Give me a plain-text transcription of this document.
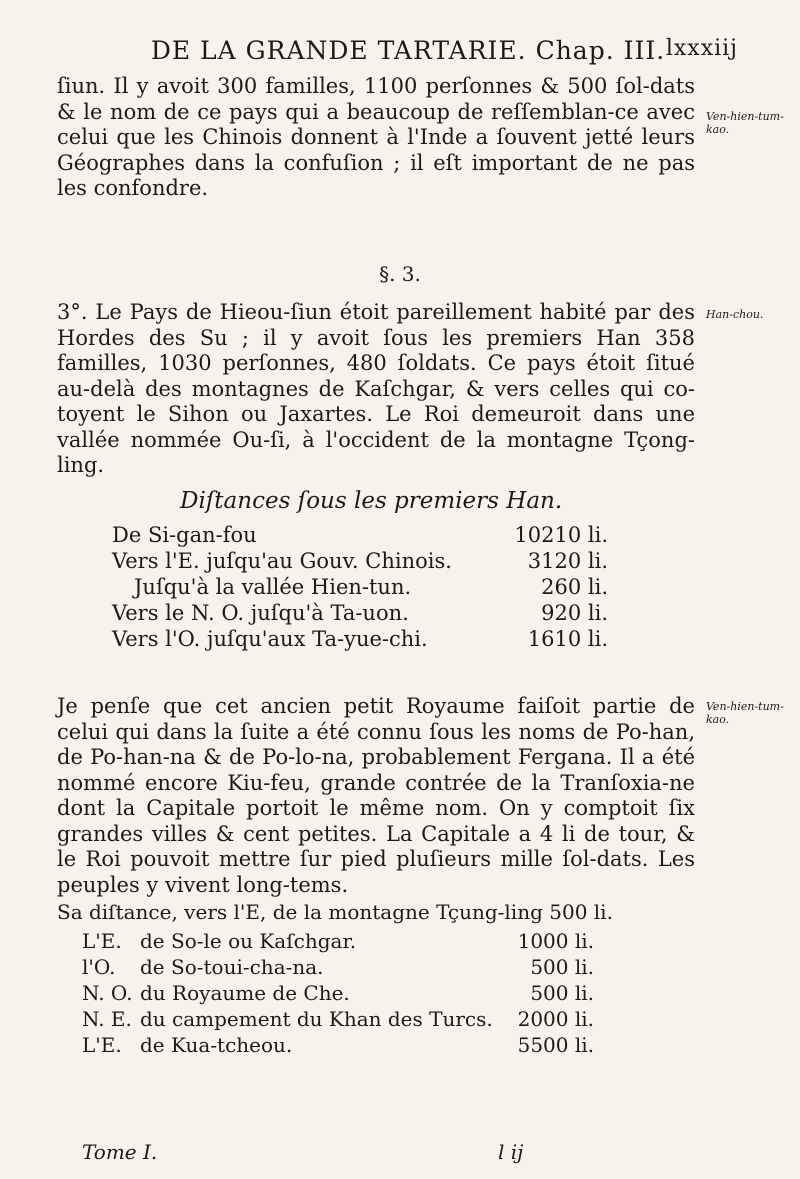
DE LA GRANDE TARTARIE. Chap. III. lxxxiij

ſiun. Il y avoit 300 familles, 1100 perſonnes & 500 ſol-dats & le nom de ce pays qui a beaucoup de reſſemblan-ce avec celui que les Chinois donnent à l'Inde a ſouvent jetté leurs Géographes dans la confuſion ; il eſt important de ne pas les confondre.

Ven-hien-tum-kao.
§. 3.

3°. Le Pays de Hieou-ſiun étoit pareillement habité par des Hordes des Su ; il y avoit ſous les premiers Han 358 familles, 1030 perſonnes, 480 ſoldats. Ce pays étoit ſitué au-delà des montagnes de Kaſchgar, & vers celles qui co-toyent le Sihon ou Jaxartes. Le Roi demeuroit dans une vallée nommée Ou-ſi, à l'occident de la montagne Tçong-ling.

Han-chou.
Diſtances ſous les premiers Han.
De Si-gan-fou	10210 li.
Vers l'E. juſqu'au Gouv. Chinois.	3120 li.
Juſqu'à la vallée Hien-tun.	260 li.
Vers le N. O. juſqu'à Ta-uon.	920 li.
Vers l'O. juſqu'aux Ta-yue-chi.	1610 li.

Je penſe que cet ancien petit Royaume faiſoit partie de celui qui dans la ſuite a été connu ſous les noms de Po-han, de Po-han-na & de Po-lo-na, probablement Fergana. Il a été nommé encore Kiu-feu, grande contrée de la Tranſoxia-ne dont la Capitale portoit le même nom. On y comptoit ſix grandes villes & cent petites. La Capitale a 4 li de tour, & le Roi pouvoit mettre ſur pied pluſieurs mille ſol-dats. Les peuples y vivent long-tems.

Ven-hien-tum-kao.

Sa diſtance, vers l'E, de la montagne Tçung-ling 500 li.

L'E.	de So-le ou Kaſchgar.	1000 li.
l'O.	de So-toui-cha-na.	500 li.
N. O.	du Royaume de Che.	500 li.
N. E.	du campement du Khan des Turcs.	2000 li.
L'E.	de Kua-tcheou.	5500 li.
Tome I.	l ij
